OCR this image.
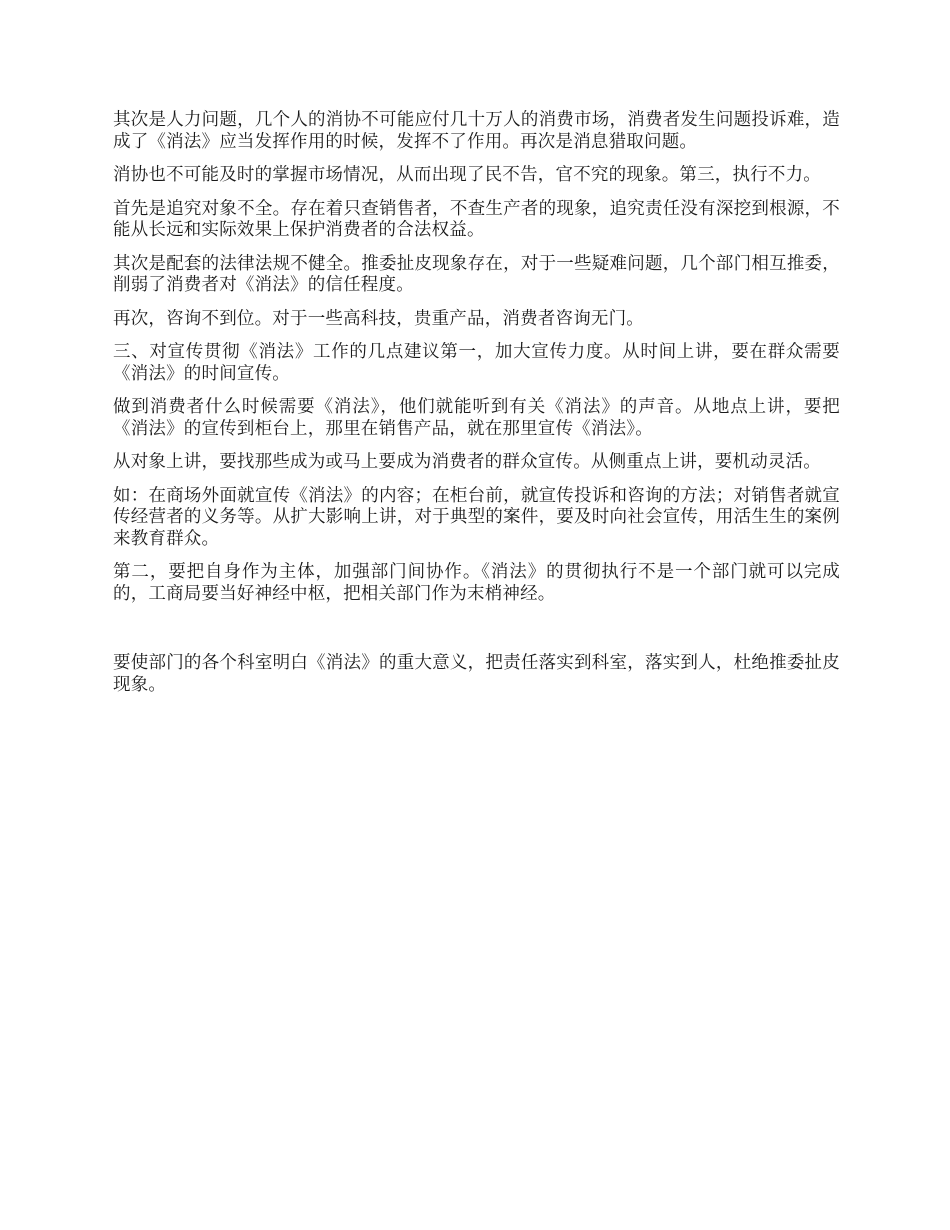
其次是人力问题，几个人的消协不可能应付几十万人的消费市场，消费者发生问题投诉难，造成了《消法》应当发挥作用的时候，发挥不了作用。再次是消息猎取问题。

消协也不可能及时的掌握市场情况，从而出现了民不告，官不究的现象。第三，执行不力。

首先是追究对象不全。存在着只查销售者，不查生产者的现象，追究责任没有深挖到根源，不能从长远和实际效果上保护消费者的合法权益。

其次是配套的法律法规不健全。推委扯皮现象存在，对于一些疑难问题，几个部门相互推委，削弱了消费者对《消法》的信任程度。

再次，咨询不到位。对于一些高科技，贵重产品，消费者咨询无门。

三、对宣传贯彻《消法》工作的几点建议第一，加大宣传力度。从时间上讲，要在群众需要《消法》的时间宣传。

做到消费者什么时候需要《消法》，他们就能听到有关《消法》的声音。从地点上讲，要把《消法》的宣传到柜台上，那里在销售产品，就在那里宣传《消法》。

从对象上讲，要找那些成为或马上要成为消费者的群众宣传。从侧重点上讲，要机动灵活。

如：在商场外面就宣传《消法》的内容；在柜台前，就宣传投诉和咨询的方法；对销售者就宣传经营者的义务等。从扩大影响上讲，对于典型的案件，要及时向社会宣传，用活生生的案例来教育群众。

第二，要把自身作为主体，加强部门间协作。《消法》的贯彻执行不是一个部门就可以完成的，工商局要当好神经中枢，把相关部门作为末梢神经。

要使部门的各个科室明白《消法》的重大意义，把责任落实到科室，落实到人，杜绝推委扯皮现象。
